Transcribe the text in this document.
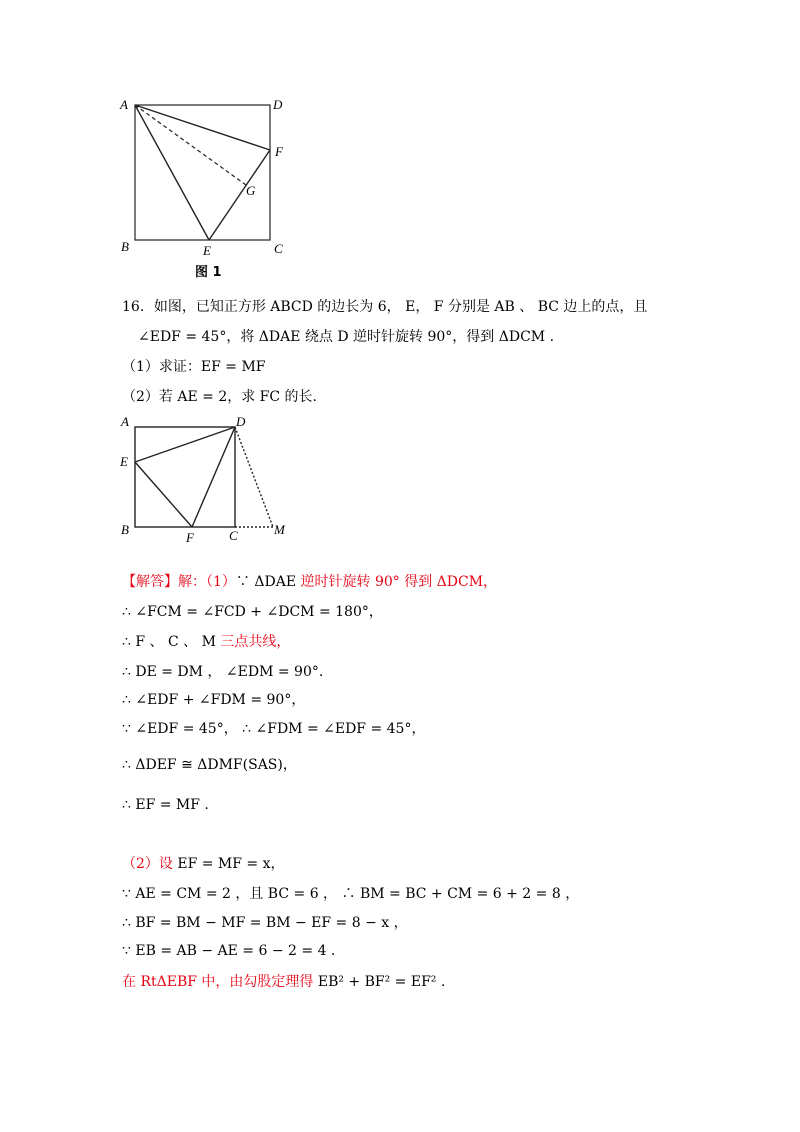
A	D
F
G
B	E	C
图 1
16．如图，已知正方形 ABCD 的边长为 6， E， F 分别是 AB 、 BC 边上的点，且
∠EDF = 45°，将 ΔDAE 绕点 D 逆时针旋转 90°，得到 ΔDCM .
（1）求证：EF = MF
（2）若 AE = 2，求 FC 的长.
A	D
E
B
F	C	M
【解答】解：（1）∵ ΔDAE 逆时针旋转 90° 得到 ΔDCM，
∴ ∠FCM = ∠FCD + ∠DCM = 180°，
∴ F 、 C 、 M 三点共线，
∴ DE = DM ， ∠EDM = 90°.
∴ ∠EDF + ∠FDM = 90°，
∵ ∠EDF = 45°， ∴ ∠FDM = ∠EDF = 45°，
∴ ΔDEF ≅ ΔDMF(SAS)，
∴ EF = MF .
（2）设 EF = MF = x，
∵ AE = CM = 2 ，且 BC = 6 ， ∴ BM = BC + CM = 6 + 2 = 8 ，
∴ BF = BM − MF = BM − EF = 8 − x ，
∵ EB = AB − AE = 6 − 2 = 4 .
在 RtΔEBF 中，由勾股定理得 EB² + BF² = EF² .
